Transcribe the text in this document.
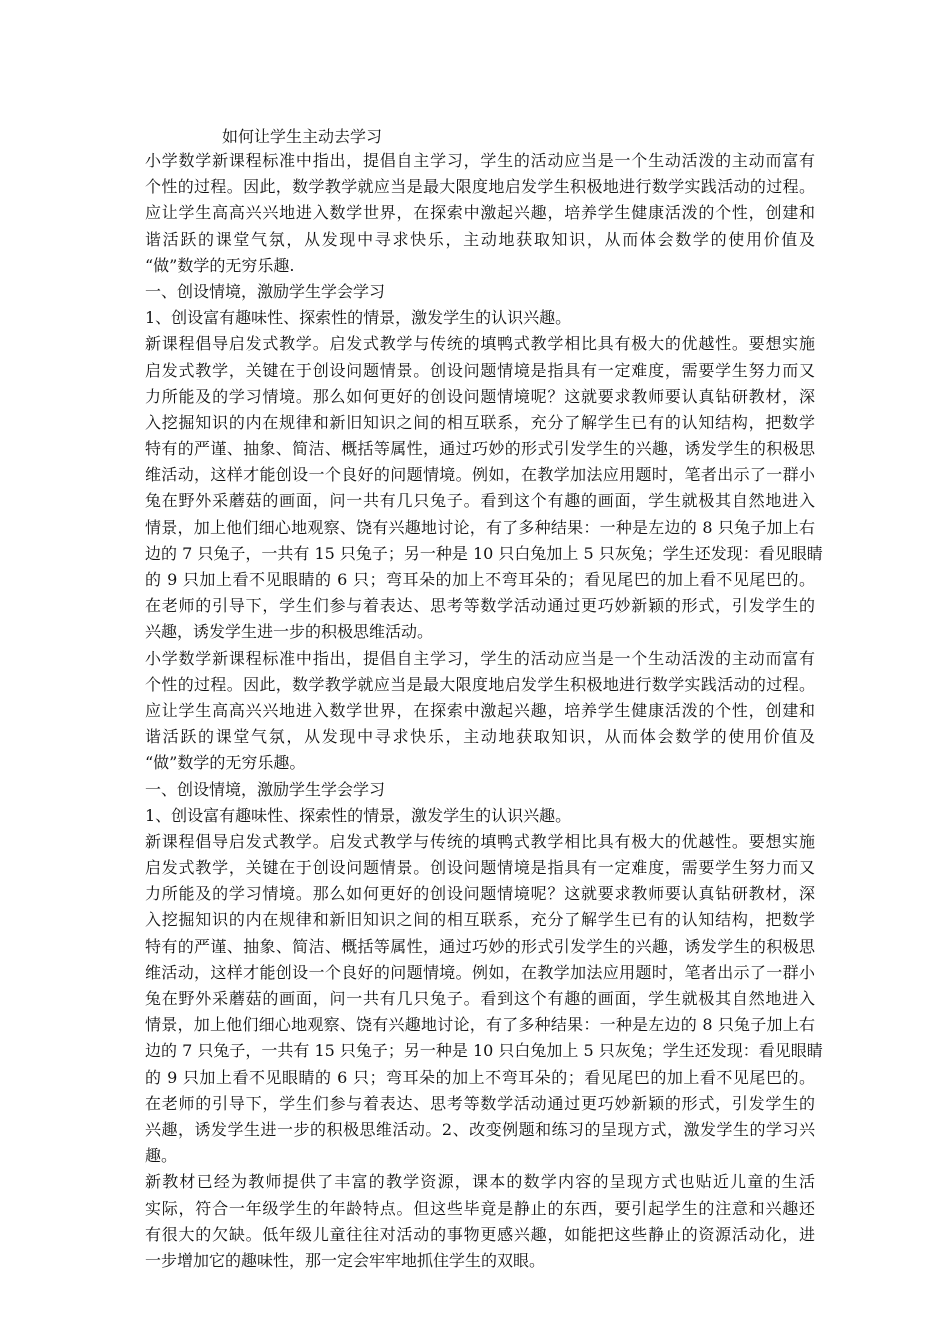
如何让学生主动去学习
小学数学新课程标准中指出，提倡自主学习，学生的活动应当是一个生动活泼的主动而富有
个性的过程。因此，数学教学就应当是最大限度地启发学生积极地进行数学实践活动的过程。
应让学生高高兴兴地进入数学世界，在探索中激起兴趣，培养学生健康活泼的个性，创建和
谐活跃的课堂气氛，从发现中寻求快乐，主动地获取知识，从而体会数学的使用价值及
“做”数学的无穷乐趣.
一、创设情境，激励学生学会学习
1、创设富有趣味性、探索性的情景，激发学生的认识兴趣。
新课程倡导启发式教学。启发式教学与传统的填鸭式教学相比具有极大的优越性。要想实施
启发式教学，关键在于创设问题情景。创设问题情境是指具有一定难度，需要学生努力而又
力所能及的学习情境。那么如何更好的创设问题情境呢？这就要求教师要认真钻研教材，深
入挖掘知识的内在规律和新旧知识之间的相互联系，充分了解学生已有的认知结构，把数学
特有的严谨、抽象、简洁、概括等属性，通过巧妙的形式引发学生的兴趣，诱发学生的积极思
维活动，这样才能创设一个良好的问题情境。例如，在教学加法应用题时，笔者出示了一群小
兔在野外采蘑菇的画面，问一共有几只兔子。看到这个有趣的画面，学生就极其自然地进入
情景，加上他们细心地观察、饶有兴趣地讨论，有了多种结果：一种是左边的 8 只兔子加上右
边的 7 只兔子，一共有 15 只兔子；另一种是 10 只白兔加上 5 只灰兔；学生还发现：看见眼睛
的 9 只加上看不见眼睛的 6 只；弯耳朵的加上不弯耳朵的；看见尾巴的加上看不见尾巴的。
在老师的引导下，学生们参与着表达、思考等数学活动通过更巧妙新颖的形式，引发学生的
兴趣，诱发学生进一步的积极思维活动。
小学数学新课程标准中指出，提倡自主学习，学生的活动应当是一个生动活泼的主动而富有
个性的过程。因此，数学教学就应当是最大限度地启发学生积极地进行数学实践活动的过程。
应让学生高高兴兴地进入数学世界，在探索中激起兴趣，培养学生健康活泼的个性，创建和
谐活跃的课堂气氛，从发现中寻求快乐，主动地获取知识，从而体会数学的使用价值及
“做”数学的无穷乐趣。
一、创设情境，激励学生学会学习
1、创设富有趣味性、探索性的情景，激发学生的认识兴趣。
新课程倡导启发式教学。启发式教学与传统的填鸭式教学相比具有极大的优越性。要想实施
启发式教学，关键在于创设问题情景。创设问题情境是指具有一定难度，需要学生努力而又
力所能及的学习情境。那么如何更好的创设问题情境呢？这就要求教师要认真钻研教材，深
入挖掘知识的内在规律和新旧知识之间的相互联系，充分了解学生已有的认知结构，把数学
特有的严谨、抽象、简洁、概括等属性，通过巧妙的形式引发学生的兴趣，诱发学生的积极思
维活动，这样才能创设一个良好的问题情境。例如，在教学加法应用题时，笔者出示了一群小
兔在野外采蘑菇的画面，问一共有几只兔子。看到这个有趣的画面，学生就极其自然地进入
情景，加上他们细心地观察、饶有兴趣地讨论，有了多种结果：一种是左边的 8 只兔子加上右
边的 7 只兔子，一共有 15 只兔子；另一种是 10 只白兔加上 5 只灰兔；学生还发现：看见眼睛
的 9 只加上看不见眼睛的 6 只；弯耳朵的加上不弯耳朵的；看见尾巴的加上看不见尾巴的。
在老师的引导下，学生们参与着表达、思考等数学活动通过更巧妙新颖的形式，引发学生的
兴趣，诱发学生进一步的积极思维活动。2、改变例题和练习的呈现方式，激发学生的学习兴
趣。
新教材已经为教师提供了丰富的教学资源，课本的数学内容的呈现方式也贴近儿童的生活
实际，符合一年级学生的年龄特点。但这些毕竟是静止的东西，要引起学生的注意和兴趣还
有很大的欠缺。低年级儿童往往对活动的事物更感兴趣，如能把这些静止的资源活动化，进
一步增加它的趣味性，那一定会牢牢地抓住学生的双眼。
